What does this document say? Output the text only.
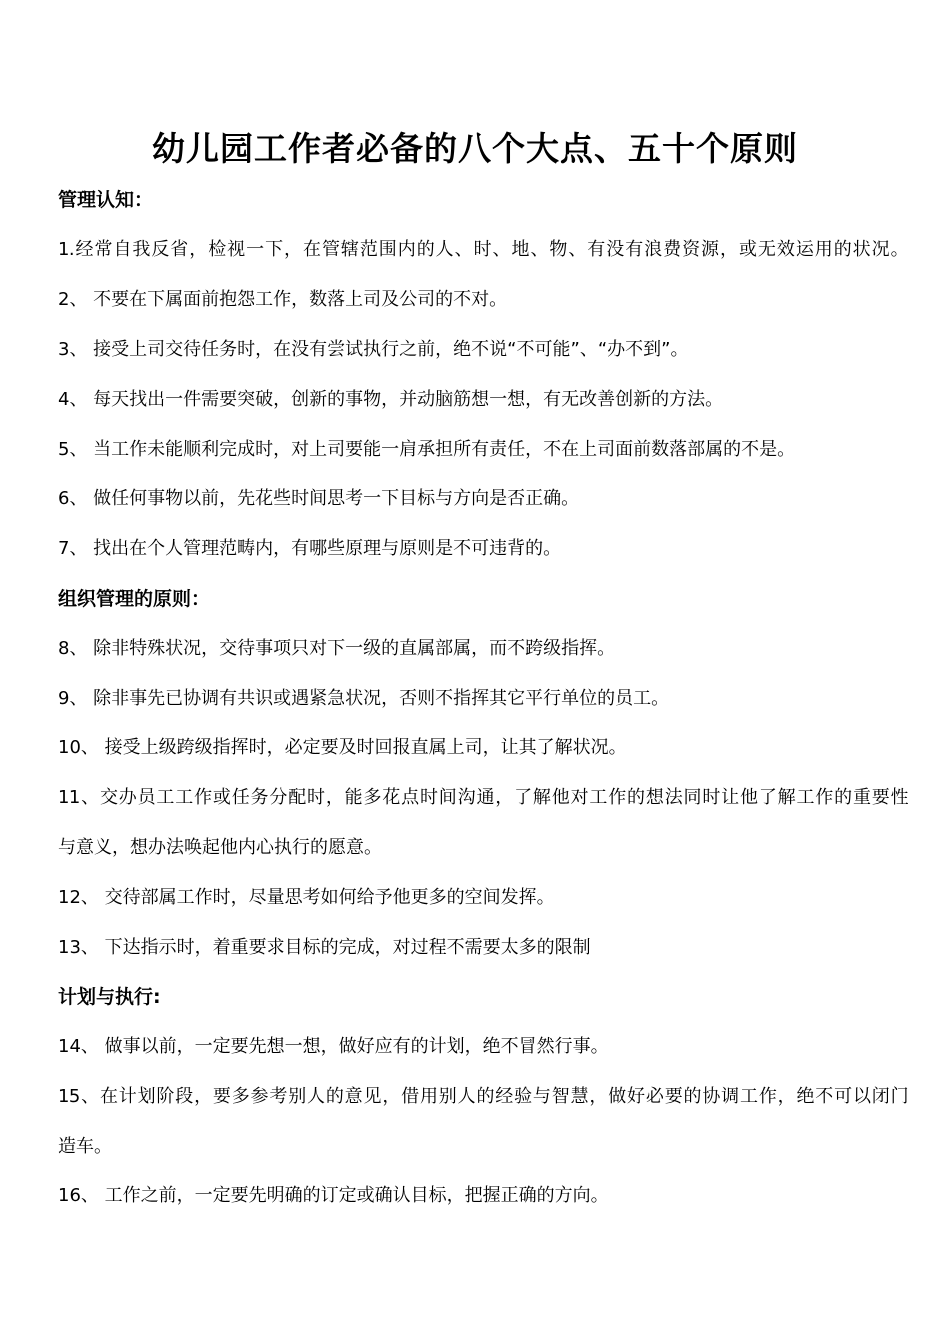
幼儿园工作者必备的八个大点、五十个原则
管理认知：
1.经常自我反省，检视一下，在管辖范围内的人、时、地、物、有没有浪费资源，或无效运用的状况。
2、 不要在下属面前抱怨工作，数落上司及公司的不对。
3、 接受上司交待任务时，在没有尝试执行之前，绝不说“不可能”、“办不到”。
4、 每天找出一件需要突破，创新的事物，并动脑筋想一想，有无改善创新的方法。
5、 当工作未能顺利完成时，对上司要能一肩承担所有责任，不在上司面前数落部属的不是。
6、 做任何事物以前，先花些时间思考一下目标与方向是否正确。
7、 找出在个人管理范畴内，有哪些原理与原则是不可违背的。
组织管理的原则：
8、 除非特殊状况，交待事项只对下一级的直属部属，而不跨级指挥。
9、 除非事先已协调有共识或遇紧急状况，否则不指挥其它平行单位的员工。
10、 接受上级跨级指挥时，必定要及时回报直属上司，让其了解状况。
11、交办员工工作或任务分配时，能多花点时间沟通，了解他对工作的想法同时让他了解工作的重要性
与意义，想办法唤起他内心执行的愿意。
12、 交待部属工作时，尽量思考如何给予他更多的空间发挥。
13、 下达指示时，着重要求目标的完成，对过程不需要太多的限制
计划与执行:
14、 做事以前，一定要先想一想，做好应有的计划，绝不冒然行事。
15、在计划阶段，要多参考别人的意见，借用别人的经验与智慧，做好必要的协调工作，绝不可以闭门
造车。
16、 工作之前，一定要先明确的订定或确认目标，把握正确的方向。
